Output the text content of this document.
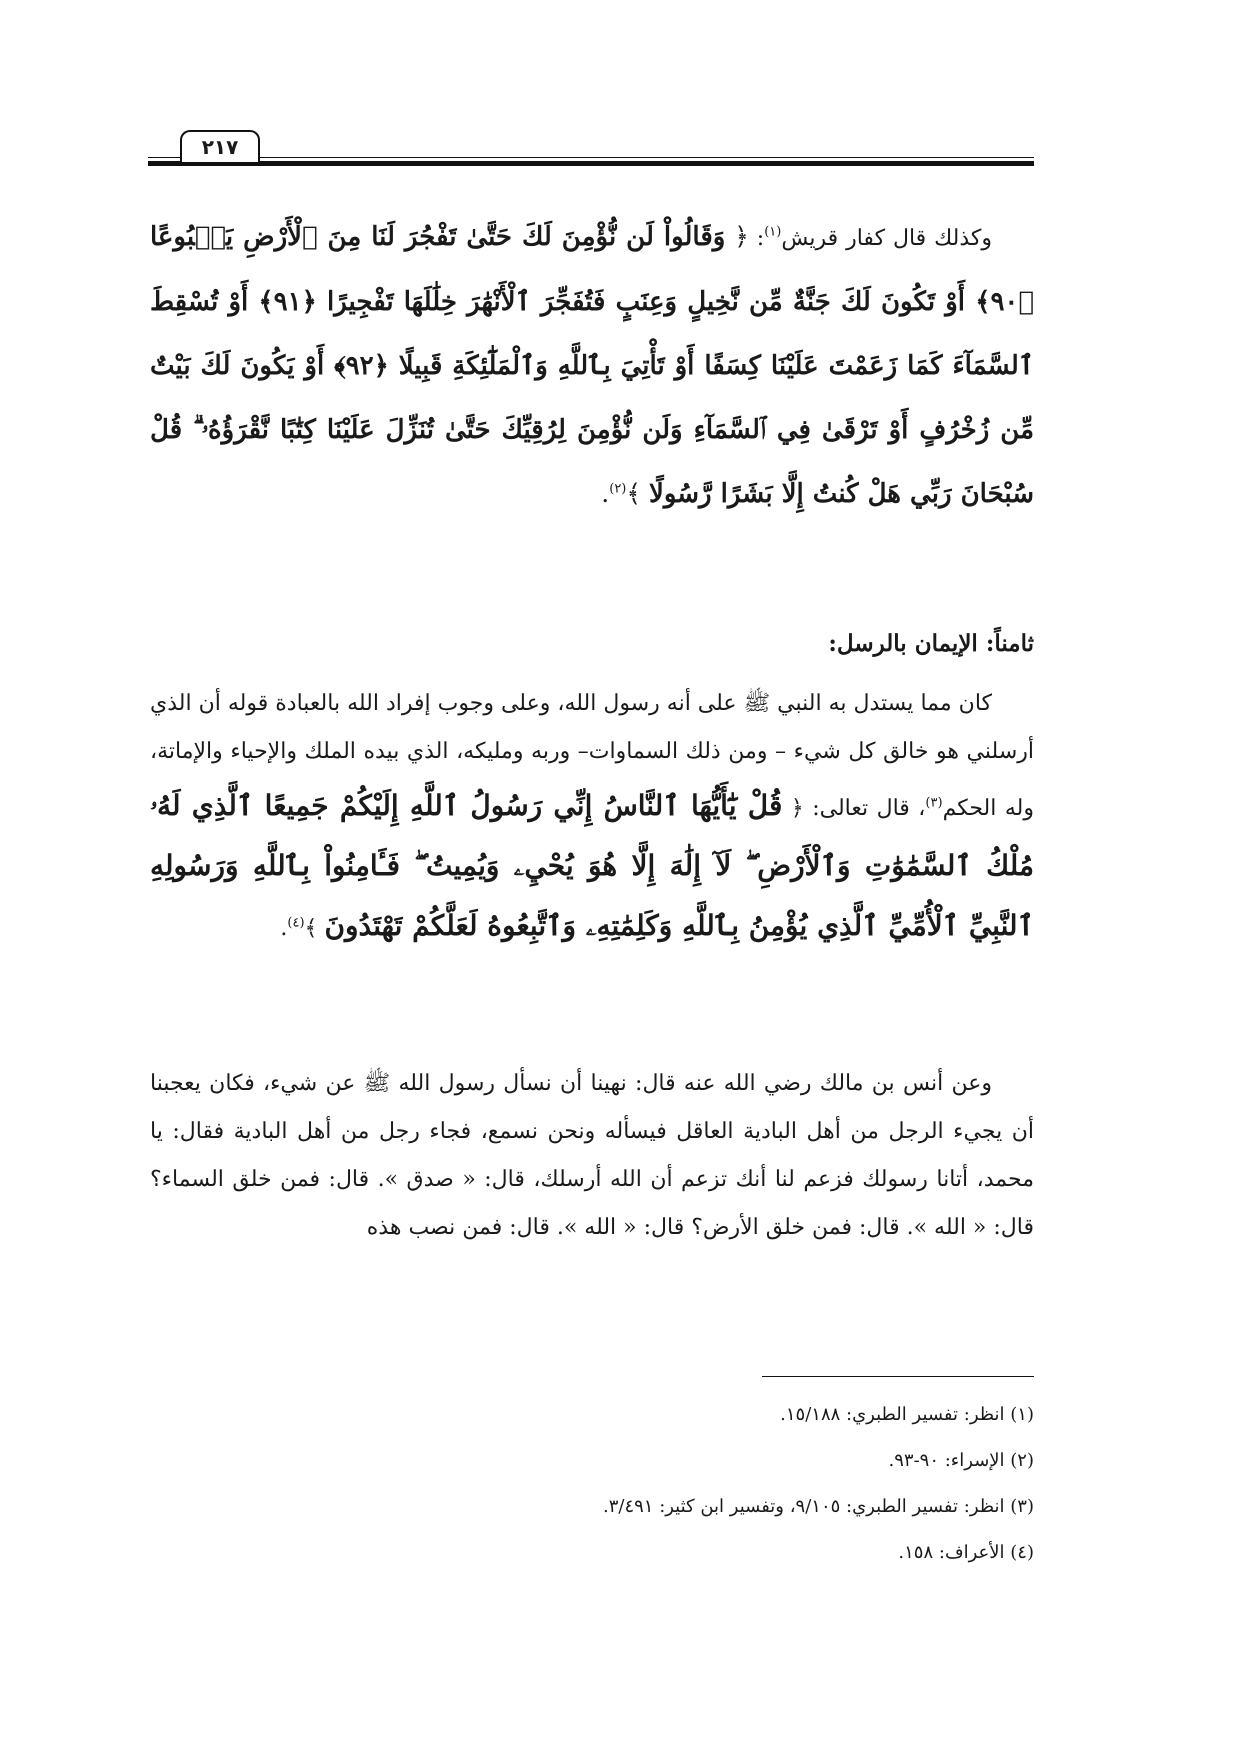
٢١٧

وكذلك قال كفار قريش$^{(١)}$: ﴿ وَقَالُواْ لَن نُّؤْمِنَ لَكَ حَتَّىٰ تَفْجُرَ لَنَا مِنَ ٱلْأَرْضِ يَنۢبُوعًا ﴿٩٠﴾ أَوْ تَكُونَ لَكَ جَنَّةٌ مِّن نَّخِيلٍ وَعِنَبٍ فَتُفَجِّرَ ٱلْأَنْهَٰرَ خِلَٰلَهَا تَفْجِيرًا ﴿٩١﴾ أَوْ تُسْقِطَ ٱلسَّمَآءَ كَمَا زَعَمْتَ عَلَيْنَا كِسَفًا أَوْ تَأْتِيَ بِٱللَّهِ وَٱلْمَلَٰٓئِكَةِ قَبِيلًا ﴿٩٢﴾ أَوْ يَكُونَ لَكَ بَيْتٌ مِّن زُخْرُفٍ أَوْ تَرْقَىٰ فِي ٱلسَّمَآءِ وَلَن نُّؤْمِنَ لِرُقِيِّكَ حَتَّىٰ تُنَزِّلَ عَلَيْنَا كِتَٰبًا نَّقْرَؤُهُۥ ۗ قُلْ سُبْحَانَ رَبِّي هَلْ كُنتُ إِلَّا بَشَرًا رَّسُولًا ﴾$^{(٢)}$.

ثامناً: الإيمان بالرسل:

كان مما يستدل به النبي ﷺ على أنه رسول الله، وعلى وجوب إفراد الله بالعبادة قوله أن الذي أرسلني هو خالق كل شيء – ومن ذلك السماوات– وربه ومليكه، الذي بيده الملك والإحياء والإماتة، وله الحكم$^{(٣)}$، قال تعالى: ﴿ قُلْ يَٰٓأَيُّهَا ٱلنَّاسُ إِنِّي رَسُولُ ٱللَّهِ إِلَيْكُمْ جَمِيعًا ٱلَّذِي لَهُۥ مُلْكُ ٱلسَّمَٰوَٰتِ وَٱلْأَرْضِ ۖ لَآ إِلَٰهَ إِلَّا هُوَ يُحْيِۦ وَيُمِيتُ ۖ فَـَٔامِنُواْ بِٱللَّهِ وَرَسُولِهِ ٱلنَّبِيِّ ٱلْأُمِّيِّ ٱلَّذِي يُؤْمِنُ بِٱللَّهِ وَكَلِمَٰتِهِۦ وَٱتَّبِعُوهُ لَعَلَّكُمْ تَهْتَدُونَ ﴾$^{(٤)}$.

وعن أنس بن مالك رضي الله عنه قال: نهينا أن نسأل رسول الله ﷺ عن شيء، فكان يعجبنا أن يجيء الرجل من أهل البادية العاقل فيسأله ونحن نسمع، فجاء رجل من أهل البادية فقال: يا محمد، أتانا رسولك فزعم لنا أنك تزعم أن الله أرسلك، قال: « صدق ». قال: فمن خلق السماء؟ قال: « الله ». قال: فمن خلق الأرض؟ قال: « الله ». قال: فمن نصب هذه

(١) انظر: تفسير الطبري: ١٥/١٨٨.
(٢) الإسراء: ٩٠-٩٣.
(٣) انظر: تفسير الطبري: ٩/١٠٥، وتفسير ابن كثير: ٣/٤٩١.
(٤) الأعراف: ١٥٨.
